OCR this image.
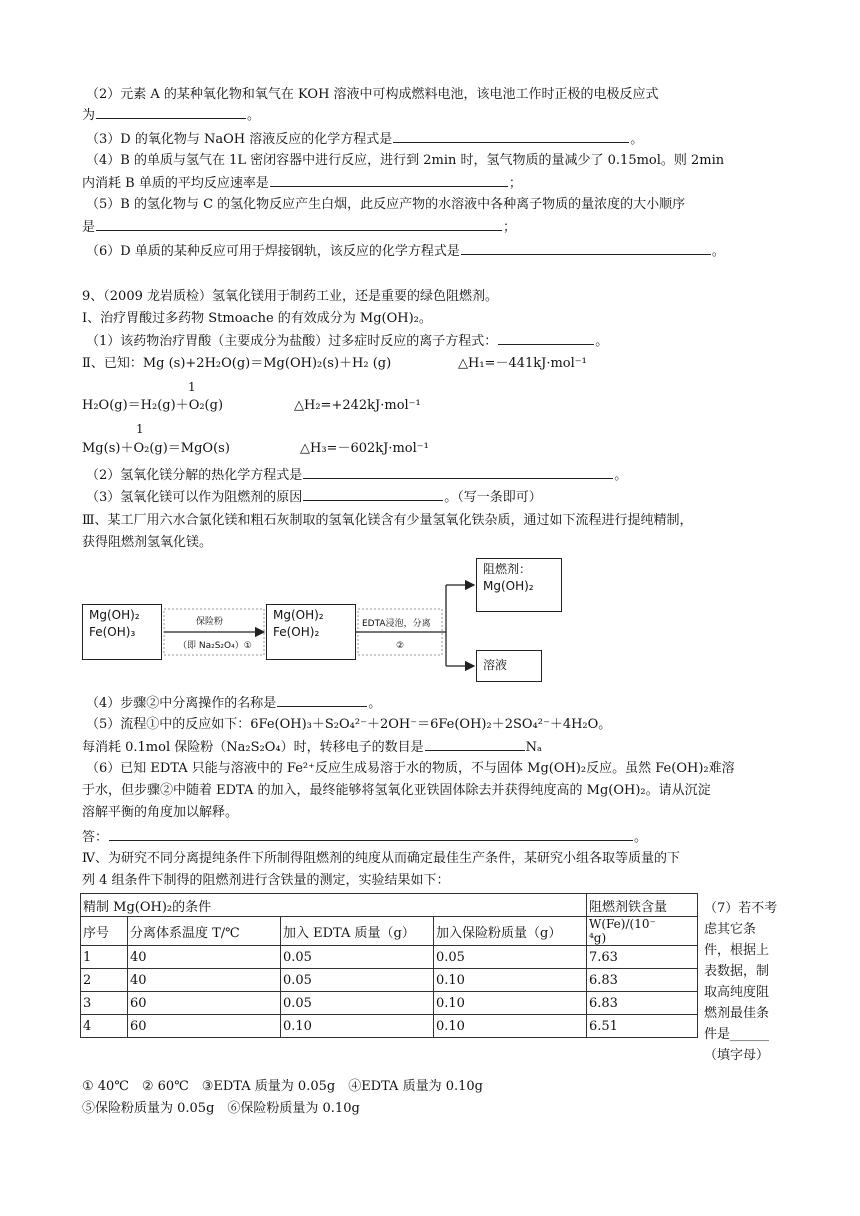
（2）元素 A 的某种氧化物和氧气在 KOH 溶液中可构成燃料电池，该电池工作时正极的电极反应式
为	。
（3）D 的氧化物与 NaOH 溶液反应的化学方程式是	。
（4）B 的单质与氢气在 1L 密闭容器中进行反应，进行到 2min 时，氢气物质的量减少了 0.15mol。则 2min
内消耗 B 单质的平均反应速率是	；
（5）B 的氢化物与 C 的氢化物反应产生白烟，此反应产物的水溶液中各种离子物质的量浓度的大小顺序
是	；
（6）D 单质的某种反应可用于焊接钢轨，该反应的化学方程式是	。
9、（2009 龙岩质检）氢氧化镁用于制药工业，还是重要的绿色阻燃剂。
Ⅰ、治疗胃酸过多药物 Stmoache 的有效成分为 Mg(OH)₂。
（1）该药物治疗胃酸（主要成分为盐酸）过多症时反应的离子方程式：	。
Ⅱ、已知：Mg (s)+2H₂O(g)＝Mg(OH)₂(s)＋H₂ (g)	△H₁=－441kJ·mol⁻¹
1
H₂O(g)＝H₂(g)＋O₂(g)	△H₂=+242kJ·mol⁻¹
1
Mg(s)＋O₂(g)＝MgO(s)	△H₃=－602kJ·mol⁻¹
（2）氢氧化镁分解的热化学方程式是	。
（3）氢氧化镁可以作为阻燃剂的原因	。（写一条即可）
Ⅲ、某工厂用六水合氯化镁和粗石灰制取的氢氧化镁含有少量氢氧化铁杂质，通过如下流程进行提纯精制，
获得阻燃剂氢氧化镁。
Mg(OH)₂
Fe(OH)₃
保险粉
（即 Na₂S₂O₄）①
Mg(OH)₂
Fe(OH)₂
EDTA浸泡，分离
②
阻燃剂：
Mg(OH)₂
溶液
（4）步骤②中分离操作的名称是	。
（5）流程①中的反应如下：6Fe(OH)₃＋S₂O₄²⁻＋2OH⁻＝6Fe(OH)₂＋2SO₄²⁻＋4H₂O。
每消耗 0.1mol 保险粉（Na₂S₂O₄）时，转移电子的数目是	Nₐ
（6）已知 EDTA 只能与溶液中的 Fe²⁺反应生成易溶于水的物质，不与固体 Mg(OH)₂反应。虽然 Fe(OH)₂难溶
于水，但步骤②中随着 EDTA 的加入，最终能够将氢氧化亚铁固体除去并获得纯度高的 Mg(OH)₂。请从沉淀
溶解平衡的角度加以解释。
答：	。
Ⅳ、为研究不同分离提纯条件下所制得阻燃剂的纯度从而确定最佳生产条件，某研究小组各取等质量的下
列 4 组条件下制得的阻燃剂进行含铁量的测定，实验结果如下：
精制 Mg(OH)₂的条件				阻燃剂铁含量
序号	分离体系温度 T/℃	加入 EDTA 质量（g）	加入保险粉质量（g）	W(Fe)/(10⁻
⁴g)

1	40	0.05	0.05	7.63
2	40	0.05	0.10	6.83
3	60	0.05	0.10	6.83
4	60	0.10	0.10	6.51
（7）若不考
虑其它条
件，根据上
表数据，制
取高纯度阻
燃剂最佳条
件是______
（填字母）
① 40℃　② 60℃　③EDTA 质量为 0.05g　④EDTA 质量为 0.10g
⑤保险粉质量为 0.05g　⑥保险粉质量为 0.10g
